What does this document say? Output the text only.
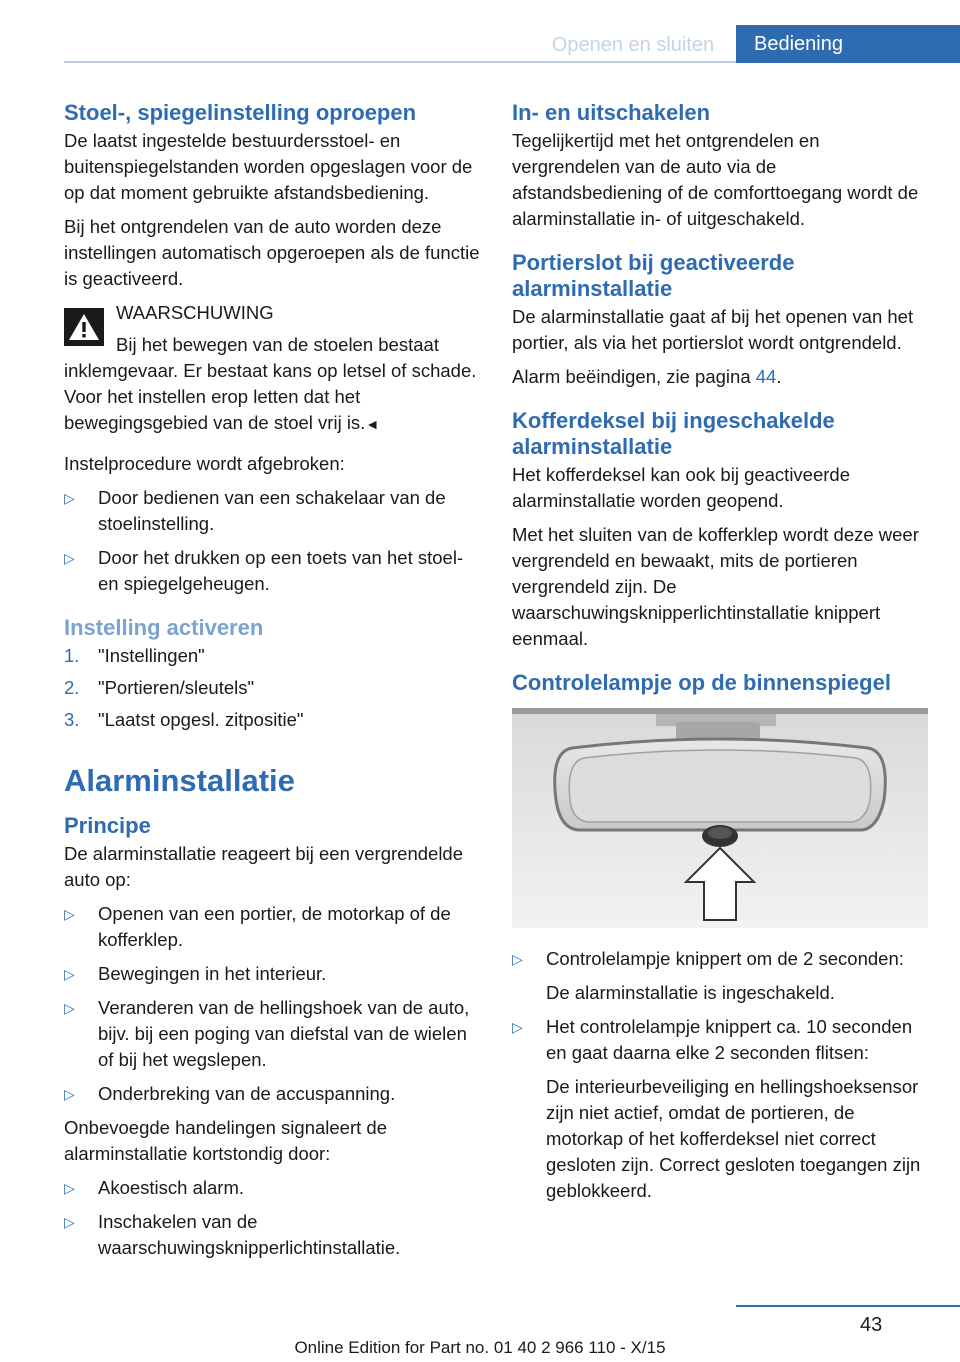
Openen en sluiten	Bediening
Stoel-, spiegelinstelling oproepen

De laatst ingestelde bestuurdersstoel- en buitenspiegelstanden worden opgeslagen voor de op dat moment gebruikte afstandsbediening.

Bij het ontgrendelen van de auto worden deze instellingen automatisch opgeroepen als de functie is geactiveerd.

WAARSCHUWING

Bij het bewegen van de stoelen bestaat inklemgevaar. Er bestaat kans op letsel of schade. Voor het instellen erop letten dat het bewegingsgebied van de stoel vrij is.◄

Instelprocedure wordt afgebroken:

▷ Door bedienen van een schakelaar van de stoelinstelling.
▷ Door het drukken op een toets van het stoel- en spiegelgeheugen.
Instelling activeren
1. "Instellingen"
2. "Portieren/sleutels"
3. "Laatst opgesl. zitpositie"
Alarminstallatie
Principe

De alarminstallatie reageert bij een vergrendelde auto op:

▷ Openen van een portier, de motorkap of de kofferklep.
▷ Bewegingen in het interieur.
▷ Veranderen van de hellingshoek van de auto, bijv. bij een poging van diefstal van de wielen of bij het wegslepen.
▷ Onderbreking van de accuspanning.

Onbevoegde handelingen signaleert de alarminstallatie kortstondig door:

▷ Akoestisch alarm.
▷ Inschakelen van de waarschuwingsknipperlichtinstallatie.
In- en uitschakelen

Tegelijkertijd met het ontgrendelen en vergrendelen van de auto via de afstandsbediening of de comforttoegang wordt de alarminstallatie in- of uitgeschakeld.

Portierslot bij geactiveerde alarminstallatie

De alarminstallatie gaat af bij het openen van het portier, als via het portierslot wordt ontgrendeld.

Alarm beëindigen, zie pagina 44.

Kofferdeksel bij ingeschakelde alarminstallatie

Het kofferdeksel kan ook bij geactiveerde alarminstallatie worden geopend.

Met het sluiten van de kofferklep wordt deze weer vergrendeld en bewaakt, mits de portieren vergrendeld zijn. De waarschuwingsknipperlichtinstallatie knippert eenmaal.

Controlelampje op de binnenspiegel
▷ Controlelampje knippert om de 2 seconden:
De alarminstallatie is ingeschakeld.
▷ Het controlelampje knippert ca. 10 seconden en gaat daarna elke 2 seconden flitsen:
De interieurbeveiliging en hellingshoeksensor zijn niet actief, omdat de portieren, de motorkap of het kofferdeksel niet correct gesloten zijn. Correct gesloten toegangen zijn geblokkeerd.
43
Online Edition for Part no. 01 40 2 966 110 - X/15
